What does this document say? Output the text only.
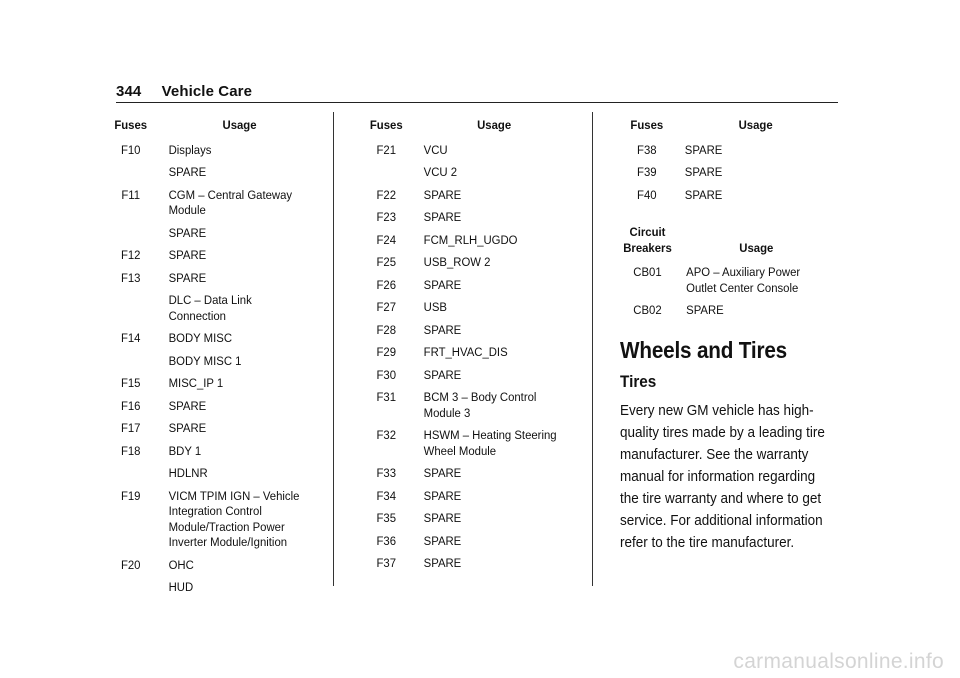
344 Vehicle Care
Fuses	Usage
F10	Displays
	SPARE
F11	CGM – Central Gateway Module
	SPARE
F12	SPARE
F13	SPARE
	DLC – Data Link Connection
F14	BODY MISC
	BODY MISC 1
F15	MISC_IP 1
F16	SPARE
F17	SPARE
F18	BDY 1
	HDLNR
F19	VICM TPIM IGN – Vehicle Integration Control Module/Traction Power Inverter Module/Ignition
F20	OHC
	HUD
Fuses	Usage
F21	VCU
	VCU 2
F22	SPARE
F23	SPARE
F24	FCM_RLH_UGDO
F25	USB_ROW 2
F26	SPARE
F27	USB
F28	SPARE
F29	FRT_HVAC_DIS
F30	SPARE
F31	BCM 3 – Body Control Module 3
F32	HSWM – Heating Steering Wheel Module
F33	SPARE
F34	SPARE
F35	SPARE
F36	SPARE
F37	SPARE
Fuses	Usage
F38	SPARE
F39	SPARE
F40	SPARE
Circuit Breakers	Usage
CB01	APO – Auxiliary Power Outlet Center Console
CB02	SPARE
Wheels and Tires
Tires
Every new GM vehicle has high-quality tires made by a leading tire manufacturer. See the warranty manual for information regarding the tire warranty and where to get service. For additional information refer to the tire manufacturer.
carmanualsonline.info
